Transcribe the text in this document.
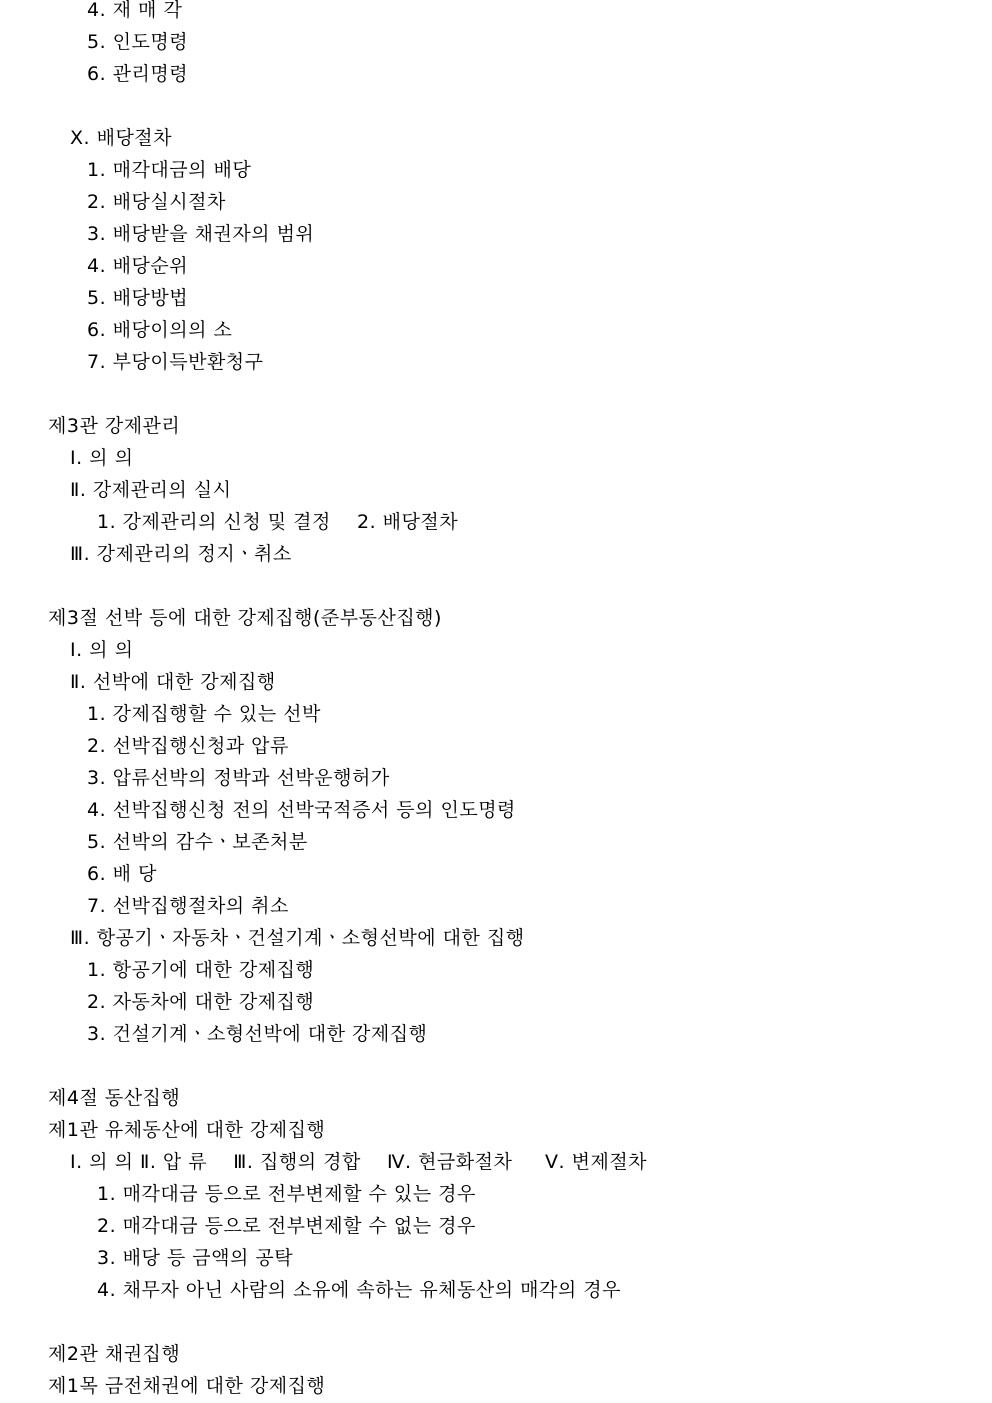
4. 재 매 각
5. 인도명령
6. 관리명령
Ⅹ. 배당절차
1. 매각대금의 배당
2. 배당실시절차
3. 배당받을 채권자의 범위
4. 배당순위
5. 배당방법
6. 배당이의의 소
7. 부당이득반환청구
제3관 강제관리
Ⅰ. 의 의
Ⅱ. 강제관리의 실시
1. 강제관리의 신청 및 결정    2. 배당절차
Ⅲ. 강제관리의 정지ㆍ취소
제3절 선박 등에 대한 강제집행(준부동산집행)
Ⅰ. 의 의
Ⅱ. 선박에 대한 강제집행
1. 강제집행할 수 있는 선박
2. 선박집행신청과 압류
3. 압류선박의 정박과 선박운행허가
4. 선박집행신청 전의 선박국적증서 등의 인도명령
5. 선박의 감수ㆍ보존처분
6. 배 당
7. 선박집행절차의 취소
Ⅲ. 항공기ㆍ자동차ㆍ건설기계ㆍ소형선박에 대한 집행
1. 항공기에 대한 강제집행
2. 자동차에 대한 강제집행
3. 건설기계ㆍ소형선박에 대한 강제집행
제4절 동산집행
제1관 유체동산에 대한 강제집행
Ⅰ. 의 의 Ⅱ. 압 류    Ⅲ. 집행의 경합    Ⅳ. 현금화절차     Ⅴ. 변제절차
1. 매각대금 등으로 전부변제할 수 있는 경우
2. 매각대금 등으로 전부변제할 수 없는 경우
3. 배당 등 금액의 공탁
4. 채무자 아닌 사람의 소유에 속하는 유체동산의 매각의 경우
제2관 채권집행
제1목 금전채권에 대한 강제집행
